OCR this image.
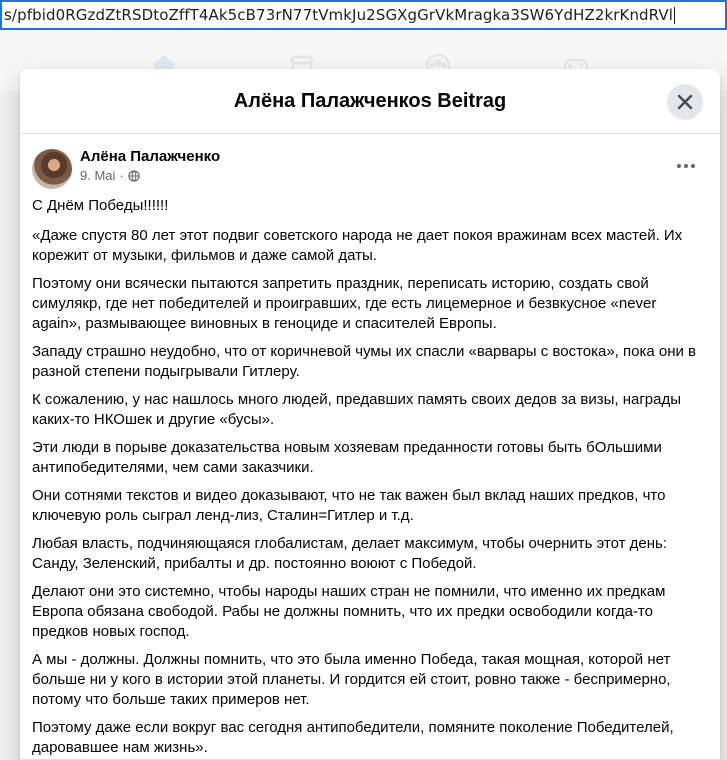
s/pfbid0RGzdZtRSDtoZffT4Ak5cB73rN77tVmkJu2SGXgGrVkMragka3SW6YdHZ2krKndRVl
Алёна Палажченкоs Beitrag
Алёна Палажченко
9. Mai ·

С Днём Победы!!!!!!

«Даже спустя 80 лет этот подвиг советского народа не дает покоя вражинам всех мастей. Их корежит от музыки, фильмов и даже самой даты.

Поэтому они всячески пытаются запретить праздник, переписать историю, создать свой симулякр, где нет победителей и проигравших, где есть лицемерное и безвкусное «never again», размывающее виновных в геноциде и спасителей Европы.

Западу страшно неудобно, что от коричневой чумы их спасли «варвары с востока», пока они в разной степени подыгрывали Гитлеру.

К сожалению, у нас нашлось много людей, предавших память своих дедов за визы, награды каких-то НКОшек и другие «бусы».

Эти люди в порыве доказательства новым хозяевам преданности готовы быть бОльшими антипобедителями, чем сами заказчики.

Они сотнями текстов и видео доказывают, что не так важен был вклад наших предков, что ключевую роль сыграл ленд-лиз, Сталин=Гитлер и т.д.

Любая власть, подчиняющаяся глобалистам, делает максимум, чтобы очернить этот день: Санду, Зеленский, прибалты и др. постоянно воюют с Победой.

Делают они это системно, чтобы народы наших стран не помнили, что именно их предкам Европа обязана свободой. Рабы не должны помнить, что их предки освободили когда-то предков новых господ.

А мы - должны. Должны помнить, что это была именно Победа, такая мощная, которой нет больше ни у кого в истории этой планеты. И гордится ей стоит, ровно также - беспримерно, потому что больше таких примеров нет.

Поэтому даже если вокруг вас сегодня антипобедители, помяните поколение Победителей, даровавшее нам жизнь».
